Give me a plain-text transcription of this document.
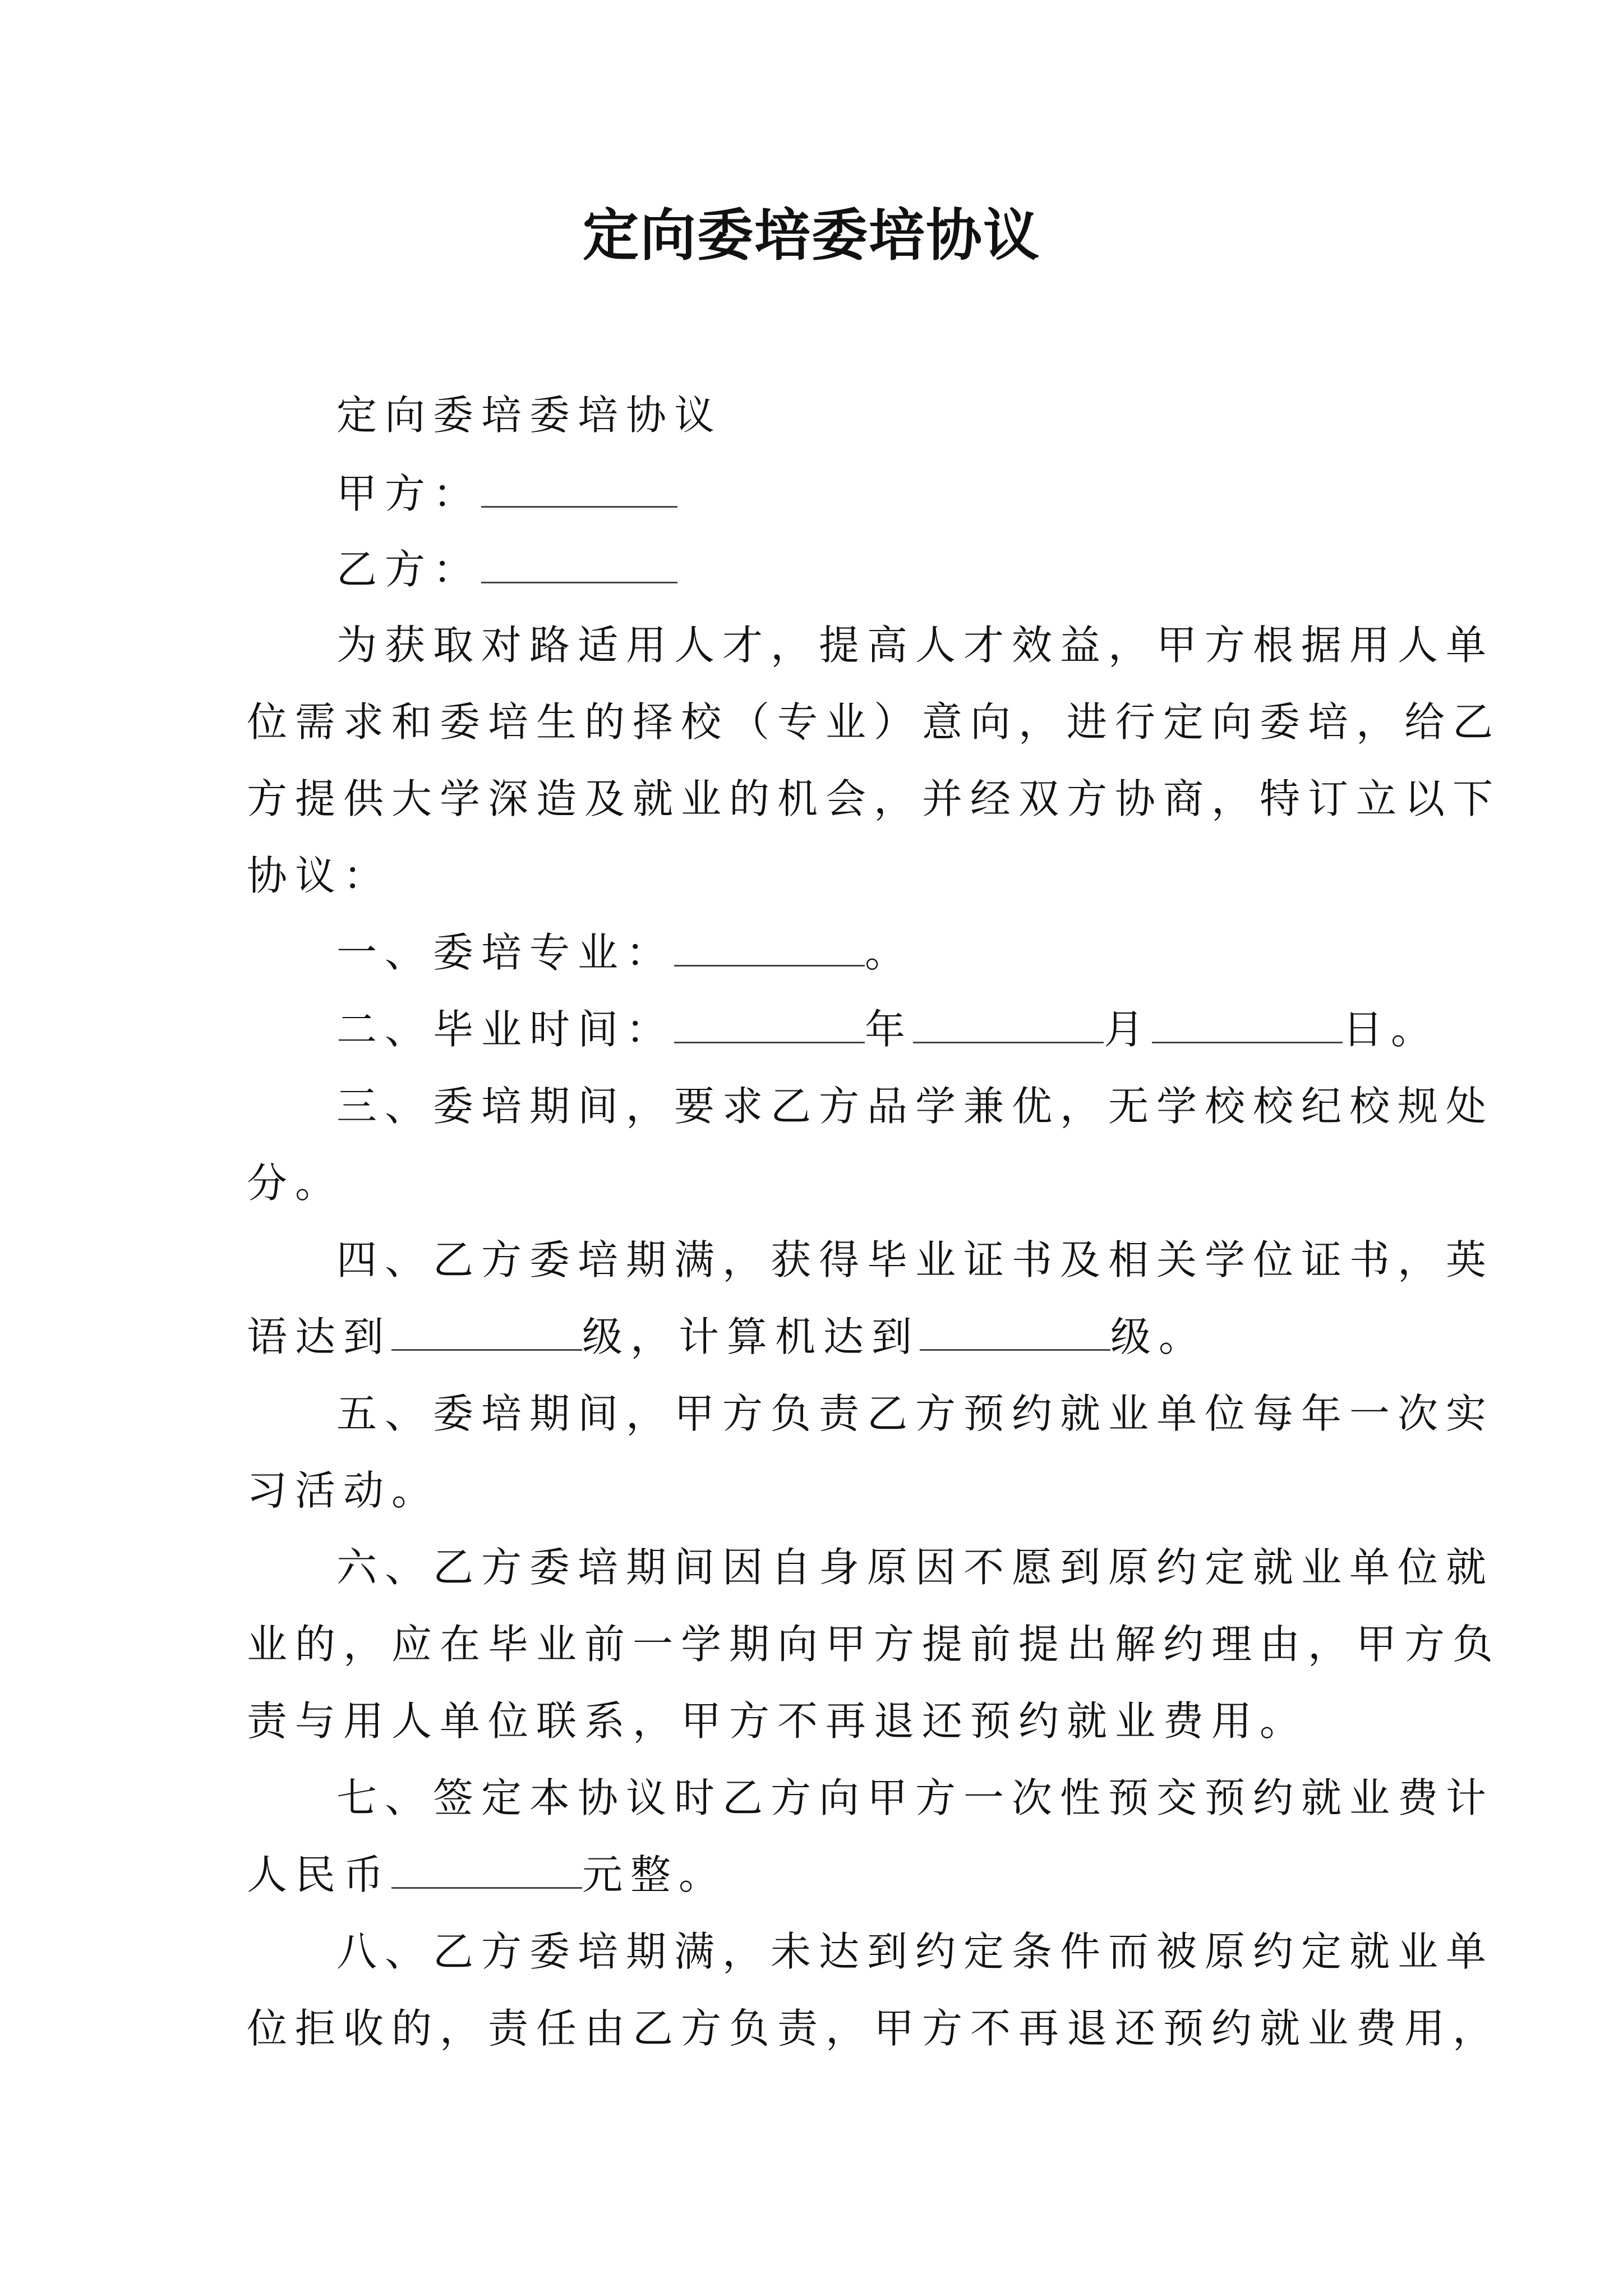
定向委培委培协议
定向委培委培协议
甲方：
乙方：
为获取对路适用人才，提高人才效益，甲方根据用人单
位需求和委培生的择校（专业）意向，进行定向委培，给乙
方提供大学深造及就业的机会，并经双方协商，特订立以下
协议：
一、委培专业：	。
二、毕业时间：	年	月	日。
三、委培期间，要求乙方品学兼优，无学校校纪校规处
分。
四、乙方委培期满，获得毕业证书及相关学位证书，英
语达到	级，计算机达到	级。
五、委培期间，甲方负责乙方预约就业单位每年一次实
习活动。
六、乙方委培期间因自身原因不愿到原约定就业单位就
业的，应在毕业前一学期向甲方提前提出解约理由，甲方负
责与用人单位联系，甲方不再退还预约就业费用。
七、签定本协议时乙方向甲方一次性预交预约就业费计
人民币	元整。
八、乙方委培期满，未达到约定条件而被原约定就业单
位拒收的，责任由乙方负责，甲方不再退还预约就业费用，
